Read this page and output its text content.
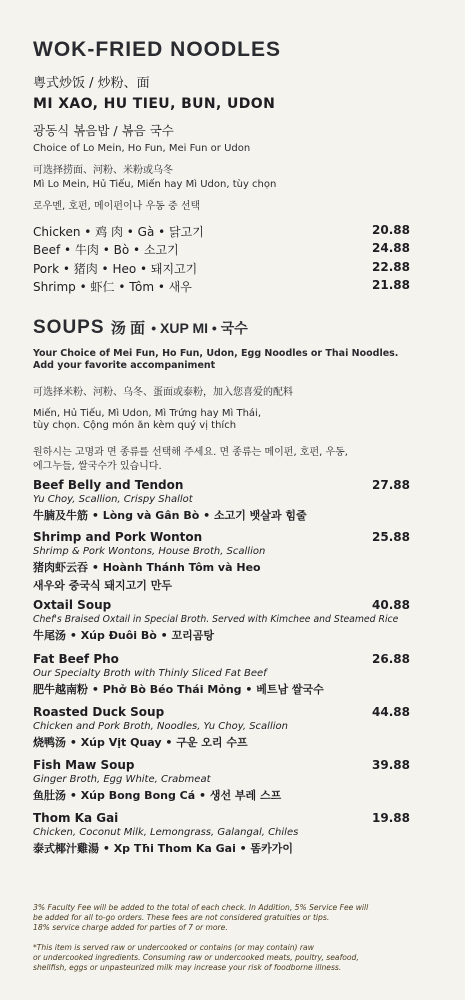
WOK-FRIED NOODLES
粤式炒饭 / 炒粉、面
MI XAO, HU TIEU, BUN, UDON
광동식 볶음밥 / 볶음 국수
Choice of Lo Mein, Ho Fun, Mei Fun or Udon
可选择捞面、河粉、米粉或乌冬
Mì Lo Mein, Hủ Tiếu, Miến hay Mì Udon, tùy chọn
로우멘, 호펀, 메이펀이나 우동 중 선택
Chicken • 鸡 肉 • Gà • 닭고기	20.88
Beef • 牛肉 • Bò • 소고기	24.88
Pork • 猪肉 • Heo • 돼지고기	22.88
Shrimp • 虾仁 • Tôm • 새우	21.88
SOUPS 汤 面 • XUP MI • 국수
Your Choice of Mei Fun, Ho Fun, Udon, Egg Noodles or Thai Noodles.
Add your favorite accompaniment
可选择米粉、河粉、乌冬、蛋面或泰粉，加入您喜爱的配料
Miến, Hủ Tiếu, Mì Udon, Mì Trứng hay Mì Thái,
tùy chọn. Cộng món ăn kèm quý vị thích
원하시는 고명과 면 종류를 선택해 주세요. 면 종류는 메이펀, 호펀, 우동,
에그누들, 쌀국수가 있습니다.
Beef Belly and Tendon	27.88
Yu Choy, Scallion, Crispy Shallot
牛腩及牛筋 • Lòng và Gân Bò • 소고기 뱃살과 힘줄
Shrimp and Pork Wonton	25.88
Shrimp & Pork Wontons, House Broth, Scallion
猪肉虾云吞 • Hoành Thánh Tôm và Heo
새우와 중국식 돼지고기 만두
Oxtail Soup	40.88
Chef's Braised Oxtail in Special Broth. Served with Kimchee and Steamed Rice
牛尾汤 • Xúp Đuôi Bò • 꼬리곰탕
Fat Beef Pho	26.88
Our Specialty Broth with Thinly Sliced Fat Beef
肥牛越南粉 • Phở Bò Béo Thái Mỏng • 베트남 쌀국수
Roasted Duck Soup	44.88
Chicken and Pork Broth, Noodles, Yu Choy, Scallion
烧鸭汤 • Xúp Vịt Quay • 구운 오리 수프
Fish Maw Soup	39.88
Ginger Broth, Egg White, Crabmeat
鱼肚汤 • Xúp Bong Bong Cá • 생선 부레 스프
Thom Ka Gai	19.88
Chicken, Coconut Milk, Lemongrass, Galangal, Chiles
泰式椰汁雞湯 • Xp Tħi Thom Ka Gai • 똠카가이

3% Faculty Fee will be added to the total of each check. In Addition, 5% Service Fee will

be added for all to-go orders. These fees are not considered gratuities or tips.

18% service charge added for parties of 7 or more.

*This item is served raw or undercooked or contains (or may contain) raw

or undercooked ingredients. Consuming raw or undercooked meats, poultry, seafood,

shellfish, eggs or unpasteurized milk may increase your risk of foodborne illness.
